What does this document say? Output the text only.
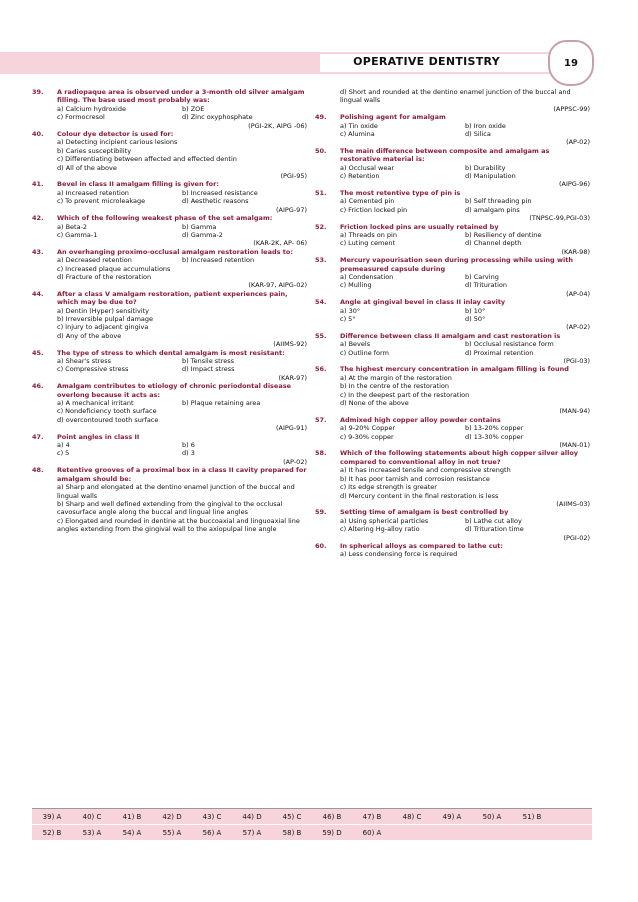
OPERATIVE DENTISTRY	19
39.	A radiopaque area is observed under a 3-month old silver amalgam filling. The base used most probably was:
a) Calcium hydroxide	b) ZOE
c) Formocresol	d) Zinc oxyphosphate
(PGI-2K, AIPG -06)
40.	Colour dye detector is used for:
a) Detecting incipient carious lesions
b) Caries susceptibility
c) Differentiating between affected and effected dentin
d) All of the above
(PGI-95)
41.	Bevel in class II amalgam filling is given for:
a) Increased retention	b) Increased resistance
c) To prevent microleakage	d) Aesthetic reasons
(AIPG-97)
42.	Which of the following weakest phase of the set amalgam:
a) Beta-2	b) Gamma
c) Gamma-1	d) Gamma-2
(KAR-2K, AP- 06)
43.	An overhanging proximo-occlusal amalgam restoration leads to:
a) Decreased retention	b) Increased retention
c) Increased plaque accumulations
d) Fracture of the restoration
(KAR-97, AIPG-02)
44.	After a class V amalgam restoration, patient experiences pain, which may be due to?
a) Dentin (Hyper) sensitivity
b) Irreversible pulpal damage
c) Injury to adjacent gingiva
d) Any of the above
(AIIMS-92)
45.	The type of stress to which dental amalgam is most resistant:
a) Shear's stress	b) Tensile stress
c) Compressive stress	d) Impact stress
(KAR-97)
46.	Amalgam contributes to etiology of chronic periodontal disease overlong because it acts as:
a) A mechanical irritant	b) Plaque retaining area
c) Nondeficiency tooth surface
d) overcontoured tooth surface
(AIPG-91)
47.	Point angles in class II
a) 4	b) 6
c) 5	d) 3
(AP-02)
48.	Retentive grooves of a proximal box in a class II cavity prepared for amalgam should be:
a) Sharp and elongated at the dentino enamel junction of the buccal and lingual walls
b) Sharp and well defined extending from the gingival to the occlusal cavosurface angle along the buccal and lingual line angles
c) Elongated and rounded in dentine at the buccoaxial and linguoaxial line angles extending from the gingival wall to the axiopulpal line angle
d) Short and rounded at the dentino enamel junction of the buccal and lingual walls
(APPSC-99)
49.	Polishing agent for amalgam
a) Tin oxide	b) Iron oxide
c) Alumina	d) Silica
(AP-02)
50.	The main difference between composite and amalgam as restorative material is:
a) Occlusal wear	b) Durability
c) Retention	d) Manipulation
(AIPG-96)
51.	The most retentive type of pin is
a) Cemented pin	b) Self threading pin
c) Friction locked pin	d) amalgam pins
(TNPSC-99,PGI-03)
52.	Friction locked pins are usually retained by
a) Threads on pin	b) Resiliency of dentine
c) Luting cement	d) Channel depth
(KAR-98)
53.	Mercury vapourisation seen during processing while using with premeasured capsule during
a) Condensation	b) Carving
c) Mulling	d) Trituration
(AP-04)
54.	Angle at gingival bevel in class II inlay cavity
a) 30°	b) 10°
c) 5°	d) 50°
(AP-02)
55.	Difference between class II amalgam and cast restoration is
a) Bevels	b) Occlusal resistance form
c) Outline form	d) Proximal retention
(PGI-03)
56.	The highest mercury concentration in amalgam filling is found
a) At the margin of the restoration
b) In the centre of the restoration
c) In the deepest part of the restoration
d) None of the above
(MAN-94)
57.	Admixed high copper alloy powder contains
a) 9-20% Copper	b) 13-20% copper
c) 9-30% copper	d) 13-30% copper
(MAN-01)
58.	Which of the following statements about high copper silver alloy compared to conventional alloy in not true?
a) It has increased tensile and compressive strength
b) It has poor tarnish and corrosion resistance
c) Its edge strength is greater
d) Mercury content in the final restoration is less
(AIIMS-03)
59.	Setting time of amalgam is best controlled by
a) Using spherical particles	b) Lathe cut alloy
c) Altering Hg-alloy ratio	d) Trituration time
(PGI-02)
60.	In spherical alloys as compared to lathe cut:
a) Less condensing force is required
39) A	40) C	41) B	42) D	43) C	44) D	45) C	46) B	47) B	48) C	49) A	50) A	51) B
52) B	53) A	54) A	55) A	56) A	57) A	58) B	59) D	60) A
